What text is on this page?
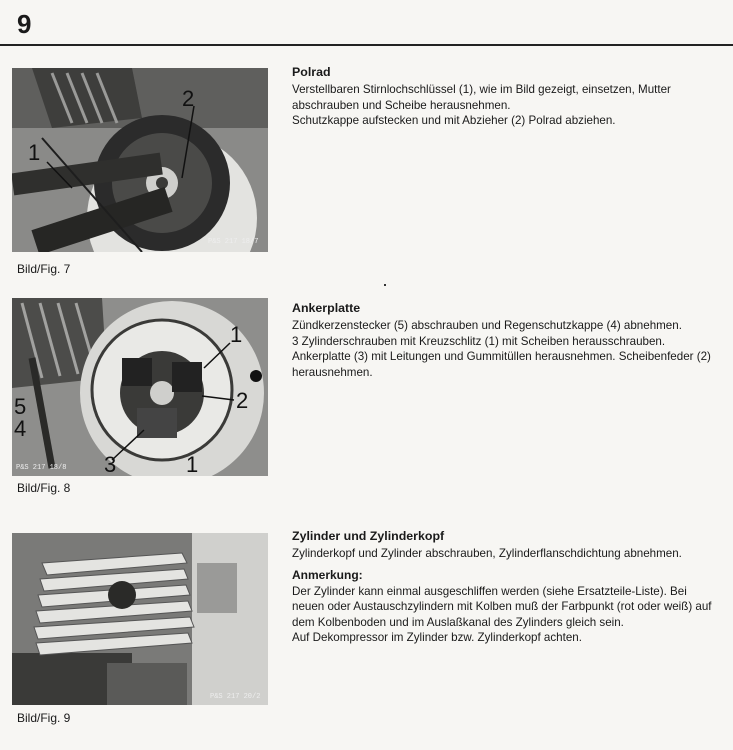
9
1
2
P&S 217 18/7
Bild/Fig. 7
1
2
3	1
5
4
P&S 217 18/8
Bild/Fig. 8
P&S 217 20/2
Bild/Fig. 9
Polrad

Verstellbaren Stirnlochschlüssel (1), wie im Bild gezeigt, einsetzen, Mutter abschrauben und Scheibe herausnehmen.

Schutzkappe aufstecken und mit Abzieher (2) Polrad abziehen.

Ankerplatte

Zündkerzenstecker (5) abschrauben und Regenschutzkappe (4) abnehmen.

3 Zylinderschrauben mit Kreuzschlitz (1) mit Scheiben herausschrauben. Ankerplatte (3) mit Leitungen und Gummitüllen herausnehmen. Scheibenfeder (2) herausnehmen.

Zylinder und Zylinderkopf

Zylinderkopf und Zylinder abschrauben, Zylinderflanschdichtung abnehmen.

Anmerkung:

Der Zylinder kann einmal ausgeschliffen werden (siehe Ersatzteile-Liste). Bei neuen oder Austauschzylindern mit Kolben muß der Farbpunkt (rot oder weiß) auf dem Kolbenboden und im Auslaßkanal des Zylinders gleich sein.

Auf Dekompressor im Zylinder bzw. Zylinderkopf achten.
